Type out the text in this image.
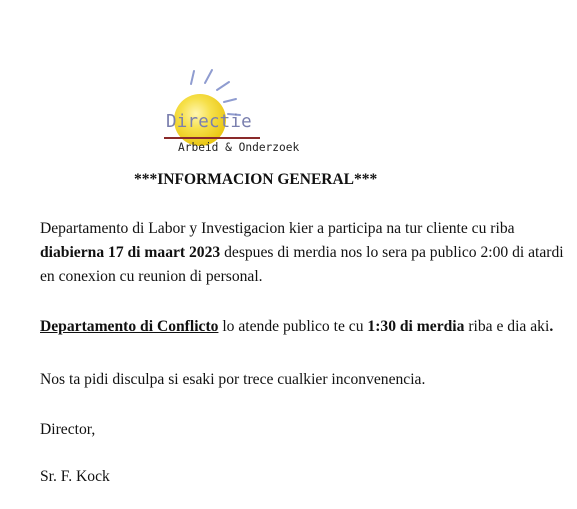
Directie
Arbeid & Onderzoek
***INFORMACION GENERAL***
Departamento di Labor y Investigacion kier a participa na tur cliente cu riba
diabierna 17 di maart 2023 despues di merdia nos lo sera pa publico 2:00 di atardi
en conexion cu reunion di personal.
Departamento di Conflicto lo atende publico te cu 1:30 di merdia riba e dia aki.
Nos ta pidi disculpa si esaki por trece cualkier inconvenencia.
Director,
Sr. F. Kock
